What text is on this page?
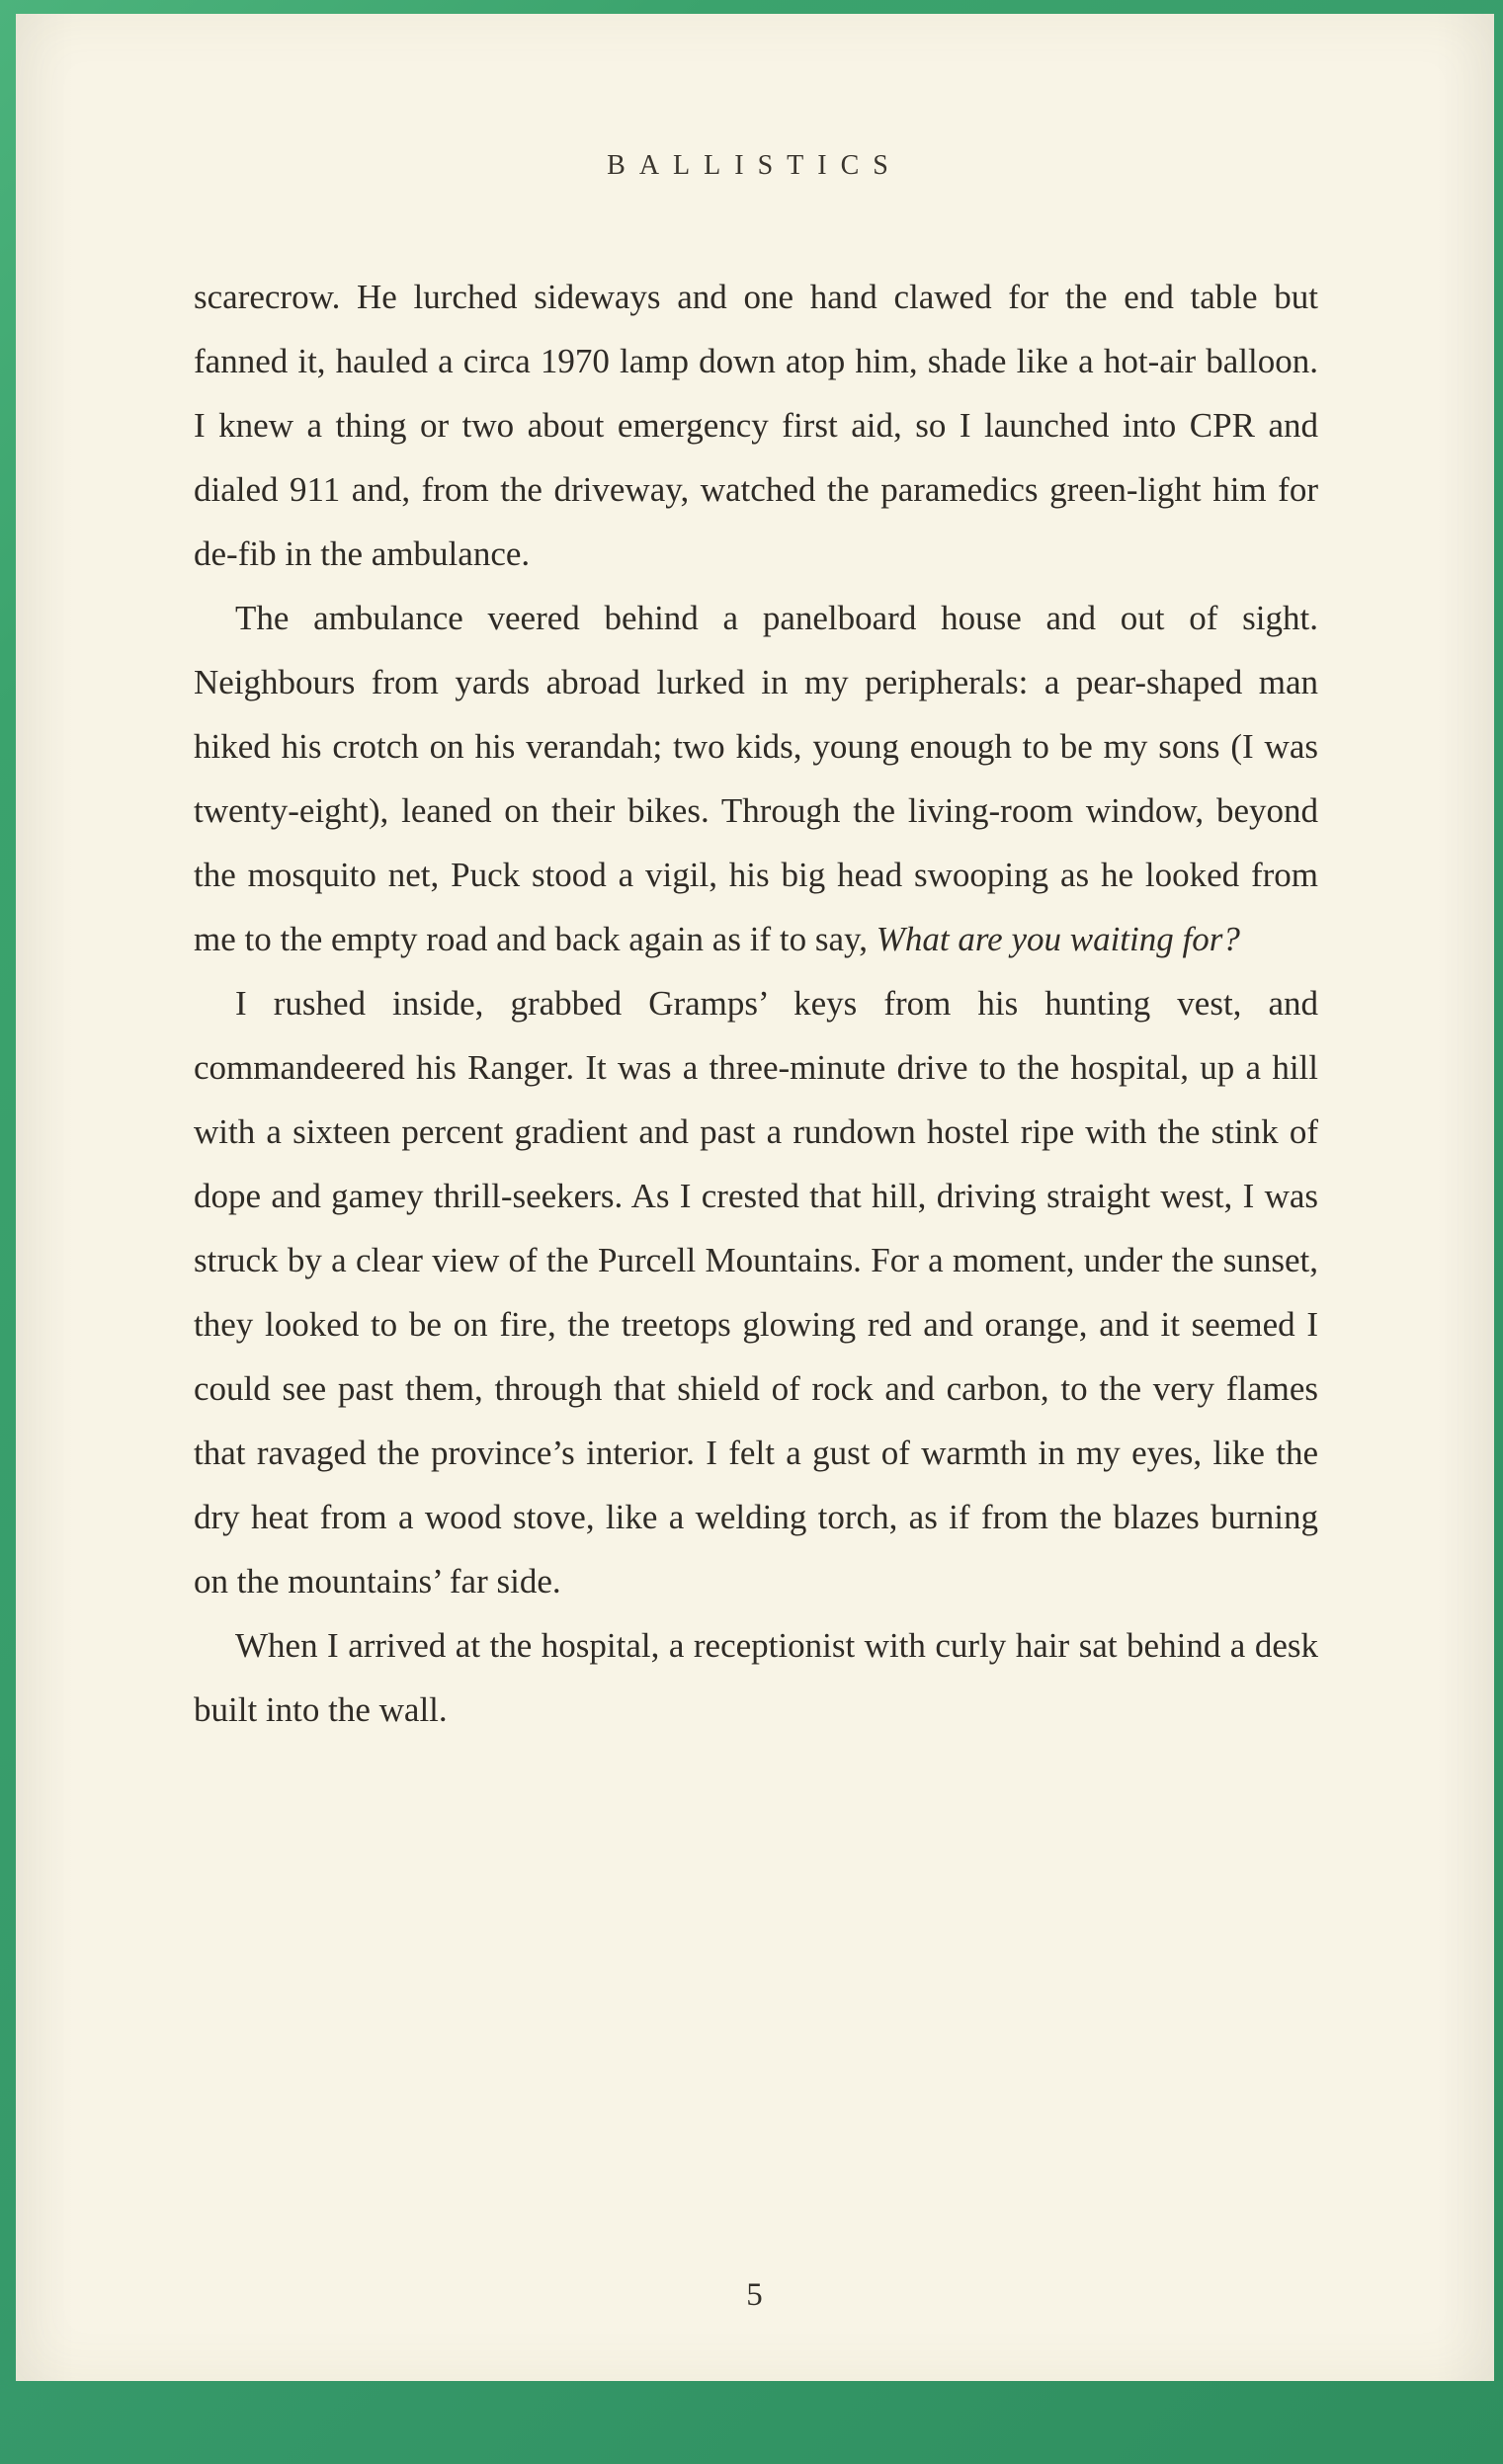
BALLISTICS

scarecrow. He lurched sideways and one hand clawed for the end table but fanned it, hauled a circa 1970 lamp down atop him, shade like a hot-air balloon. I knew a thing or two about emergency first aid, so I launched into CPR and dialed 911 and, from the driveway, watched the paramedics green-light him for de-fib in the ambulance.

The ambulance veered behind a panelboard house and out of sight. Neighbours from yards abroad lurked in my peripherals: a pear-shaped man hiked his crotch on his verandah; two kids, young enough to be my sons (I was twenty-eight), leaned on their bikes. Through the living-room window, beyond the mosquito net, Puck stood a vigil, his big head swooping as he looked from me to the empty road and back again as if to say, What are you waiting for?

I rushed inside, grabbed Gramps’ keys from his hunting vest, and commandeered his Ranger. It was a three-minute drive to the hospital, up a hill with a sixteen percent gradient and past a rundown hostel ripe with the stink of dope and gamey thrill-seekers. As I crested that hill, driving straight west, I was struck by a clear view of the Purcell Mountains. For a moment, under the sunset, they looked to be on fire, the treetops glowing red and orange, and it seemed I could see past them, through that shield of rock and carbon, to the very flames that ravaged the province’s interior. I felt a gust of warmth in my eyes, like the dry heat from a wood stove, like a welding torch, as if from the blazes burning on the mountains’ far side.

When I arrived at the hospital, a receptionist with curly hair sat behind a desk built into the wall.

5
